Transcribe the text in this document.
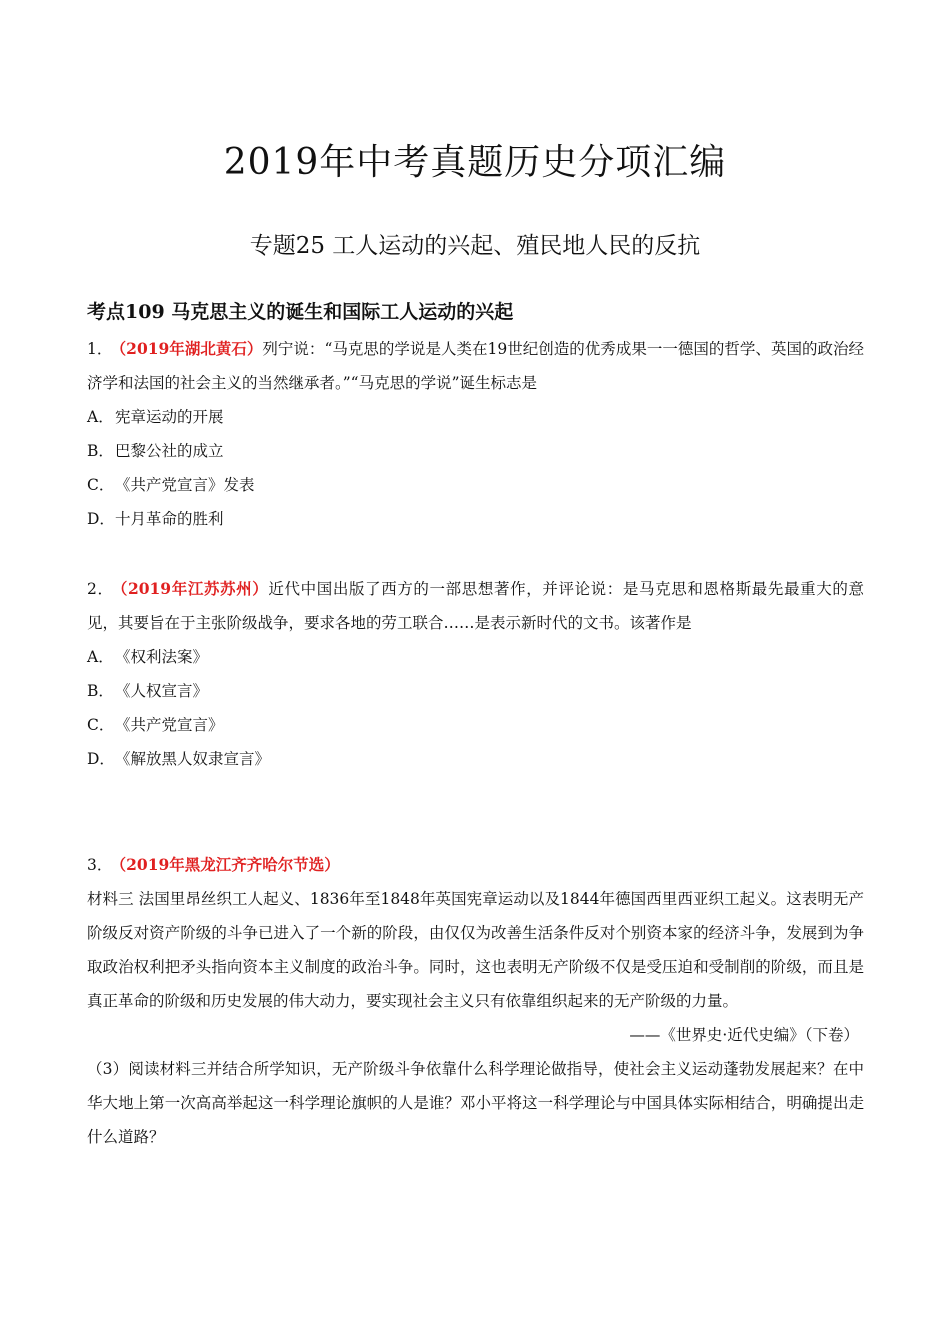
2019年中考真题历史分项汇编
专题25 工人运动的兴起、殖民地人民的反抗
考点109 马克思主义的诞生和国际工人运动的兴起
1． （2019年湖北黄石）列宁说：“马克思的学说是人类在19世纪创造的优秀成果一一德国的哲学、英国的政治经济学和法国的社会主义的当然继承者。”“马克思的学说”诞生标志是
A．宪章运动的开展
B．巴黎公社的成立
C．《共产党宣言》发表
D．十月革命的胜利
2． （2019年江苏苏州）近代中国出版了西方的一部思想著作，并评论说：是马克思和恩格斯最先最重大的意见，其要旨在于主张阶级战争，要求各地的劳工联合……是表示新时代的文书。该著作是
A．《权利法案》
B．《人权宣言》
C．《共产党宣言》
D．《解放黑人奴隶宣言》
3． （2019年黑龙江齐齐哈尔节选）
材料三 法国里昂丝织工人起义、1836年至1848年英国宪章运动以及1844年德国西里西亚织工起义。这表明无产阶级反对资产阶级的斗争已进入了一个新的阶段，由仅仅为改善生活条件反对个别资本家的经济斗争，发展到为争取政治权利把矛头指向资本主义制度的政治斗争。同时，这也表明无产阶级不仅是受压迫和受制削的阶级，而且是真正革命的阶级和历史发展的伟大动力，要实现社会主义只有依靠组织起来的无产阶级的力量。
——《世界史·近代史编》（下卷）
（3）阅读材料三并结合所学知识，无产阶级斗争依靠什么科学理论做指导，使社会主义运动蓬勃发展起来？在中华大地上第一次高高举起这一科学理论旗帜的人是谁？邓小平将这一科学理论与中国具体实际相结合，明确提出走什么道路？
